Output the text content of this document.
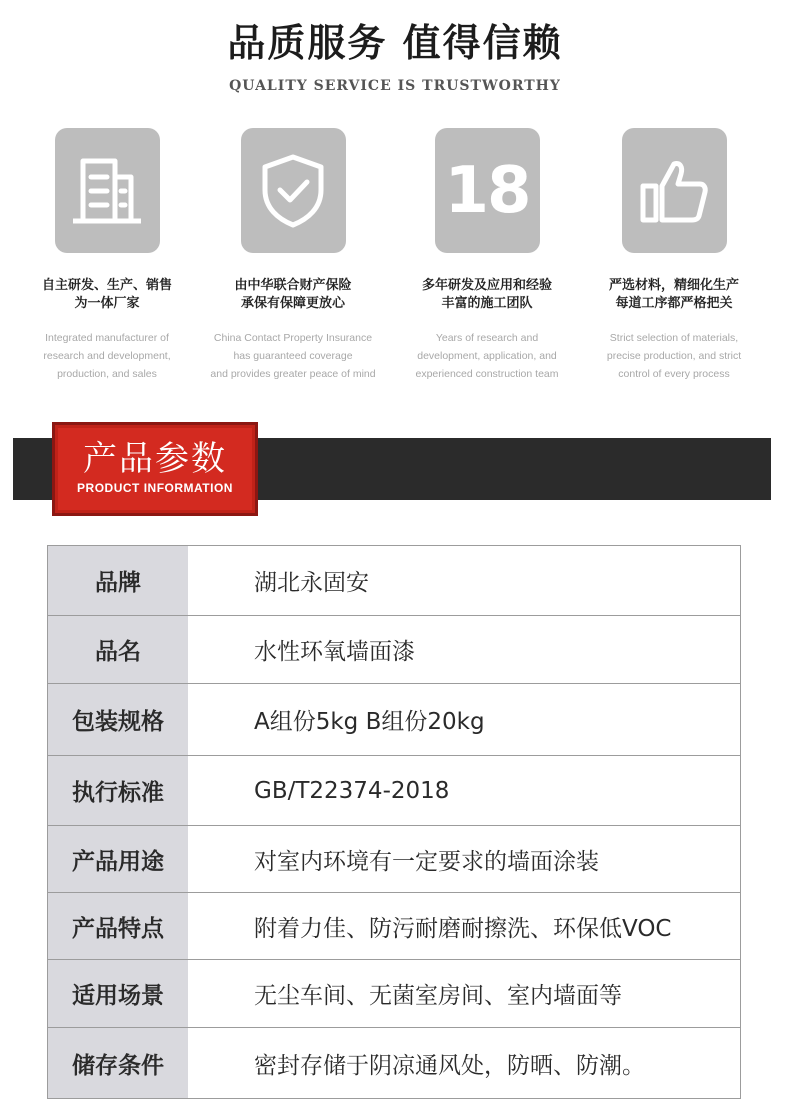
品质服务 值得信赖
QUALITY SERVICE IS TRUSTWORTHY
自主研发、生产、销售
为一体厂家
Integrated manufacturer of
research and development,
production, and sales
由中华联合财产保险
承保有保障更放心
China Contact Property Insurance
has guaranteed coverage
and provides greater peace of mind
18
多年研发及应用和经验
丰富的施工团队
Years of research and
development, application, and
experienced construction team
严选材料，精细化生产
每道工序都严格把关
Strict selection of materials,
precise production, and strict
control of every process
产品参数
PRODUCT INFORMATION
品牌	湖北永固安
品名	水性环氧墙面漆
包装规格	A组份5kg B组份20kg
执行标准	GB/T22374-2018
产品用途	对室内环境有一定要求的墙面涂装
产品特点	附着力佳、防污耐磨耐擦洗、环保低VOC
适用场景	无尘车间、无菌室房间、室内墙面等
储存条件	密封存储于阴凉通风处，防晒、防潮。
